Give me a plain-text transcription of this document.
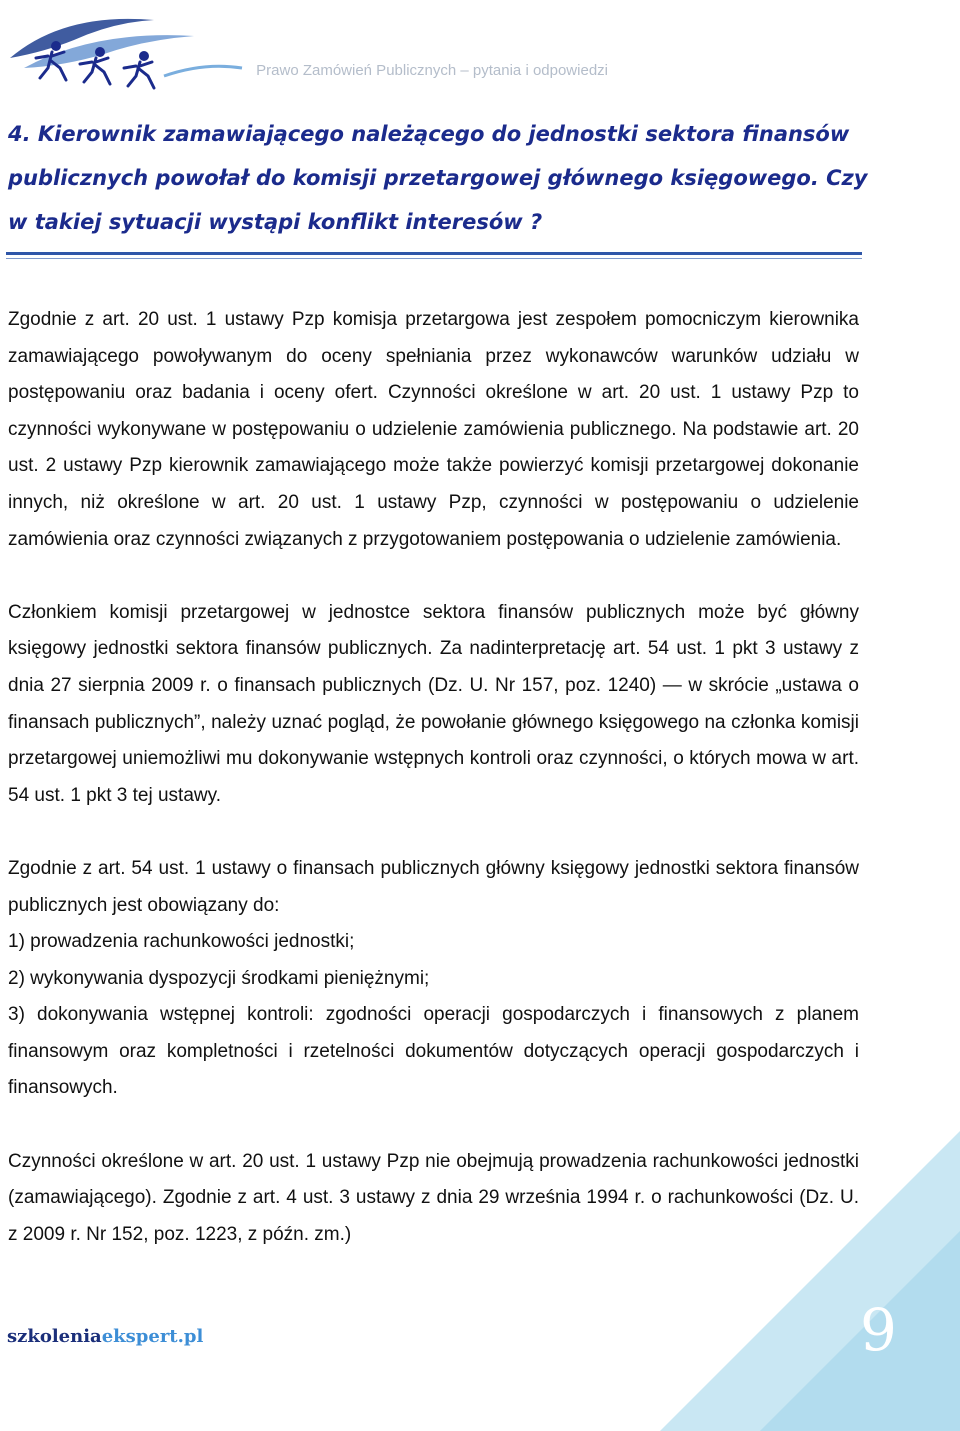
Prawo Zamówień Publicznych – pytania i odpowiedzi
4. Kierownik zamawiającego należącego do jednostki sektora finansów publicznych powołał do komisji przetargowej głównego księgowego. Czy w takiej sytuacji wystąpi konflikt interesów ?

Zgodnie z art. 20 ust. 1 ustawy Pzp komisja przetargowa jest zespołem pomocniczym kierownika zamawiającego powoływanym do oceny spełniania przez wykonawców warunków udziału w postępowaniu oraz badania i oceny ofert. Czynności określone w art. 20 ust. 1 ustawy Pzp to czynności wykonywane w postępowaniu o udzielenie zamówienia publicznego. Na podstawie art. 20 ust. 2 ustawy Pzp kierownik zamawiającego może także powierzyć komisji przetargowej dokonanie innych, niż określone w art. 20 ust. 1 ustawy Pzp, czynności w postępowaniu o udzielenie zamówienia oraz czynności związanych z przygotowaniem postępowania o udzielenie zamówienia.

Członkiem komisji przetargowej w jednostce sektora finansów publicznych może być główny księgowy jednostki sektora finansów publicznych. Za nadinterpretację art. 54 ust. 1 pkt 3 ustawy z dnia 27 sierpnia 2009 r. o finansach publicznych (Dz. U. Nr 157, poz. 1240) — w skrócie „ustawa o finansach publicznych”, należy uznać pogląd, że powołanie głównego księgowego na członka komisji przetargowej uniemożliwi mu dokonywanie wstępnych kontroli oraz czynności, o których mowa w art. 54 ust. 1 pkt 3 tej ustawy.

Zgodnie z art. 54 ust. 1 ustawy o finansach publicznych główny księgowy jednostki sektora finansów publicznych jest obowiązany do:

1) prowadzenia rachunkowości jednostki;

2) wykonywania dyspozycji środkami pieniężnymi;

3) dokonywania wstępnej kontroli: zgodności operacji gospodarczych i finansowych z planem finansowym oraz kompletności i rzetelności dokumentów dotyczących operacji gospodarczych i finansowych.

Czynności określone w art. 20 ust. 1 ustawy Pzp nie obejmują prowadzenia rachunkowości jednostki (zamawiającego). Zgodnie z art. 4 ust. 3 ustawy z dnia 29 września 1994 r. o rachunkowości (Dz. U. z 2009 r. Nr 152, poz. 1223, z późn. zm.)

szkoleniaekspert.pl	9
